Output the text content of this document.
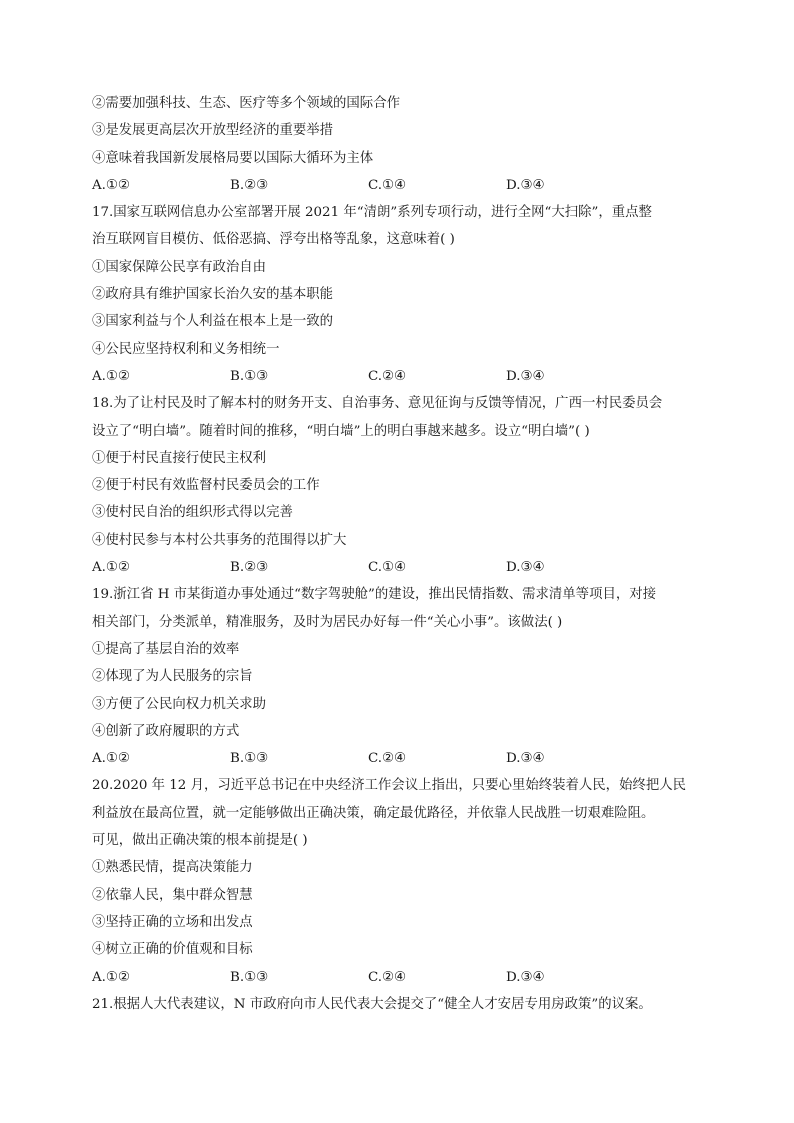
②需要加强科技、生态、医疗等多个领域的国际合作
③是发展更高层次开放型经济的重要举措
④意味着我国新发展格局要以国际大循环为主体
A.①②	B.②③	C.①④	D.③④
17.国家互联网信息办公室部署开展 2021 年“清朗”系列专项行动，进行全网“大扫除”，重点整
治互联网盲目模仿、低俗恶搞、浮夸出格等乱象，这意味着( )
①国家保障公民享有政治自由
②政府具有维护国家长治久安的基本职能
③国家利益与个人利益在根本上是一致的
④公民应坚持权利和义务相统一
A.①②	B.①③	C.②④	D.③④
18.为了让村民及时了解本村的财务开支、自治事务、意见征询与反馈等情况，广西一村民委员会
设立了“明白墙”。随着时间的推移，“明白墙”上的明白事越来越多。设立“明白墙”( )
①便于村民直接行使民主权利
②便于村民有效监督村民委员会的工作
③使村民自治的组织形式得以完善
④使村民参与本村公共事务的范围得以扩大
A.①②	B.②③	C.①④	D.③④
19.浙江省 H 市某街道办事处通过“数字驾驶舱”的建设，推出民情指数、需求清单等项目，对接
相关部门，分类派单，精准服务，及时为居民办好每一件“关心小事”。该做法( )
①提高了基层自治的效率
②体现了为人民服务的宗旨
③方便了公民向权力机关求助
④创新了政府履职的方式
A.①②	B.①③	C.②④	D.③④
20.2020 年 12 月，习近平总书记在中央经济工作会议上指出，只要心里始终装着人民，始终把人民
利益放在最高位置，就一定能够做出正确决策，确定最优路径，并依靠人民战胜一切艰难险阻。
可见，做出正确决策的根本前提是( )
①熟悉民情，提高决策能力
②依靠人民，集中群众智慧
③坚持正确的立场和出发点
④树立正确的价值观和目标
A.①②	B.①③	C.②④	D.③④
21.根据人大代表建议，N 市政府向市人民代表大会提交了“健全人才安居专用房政策”的议案。
